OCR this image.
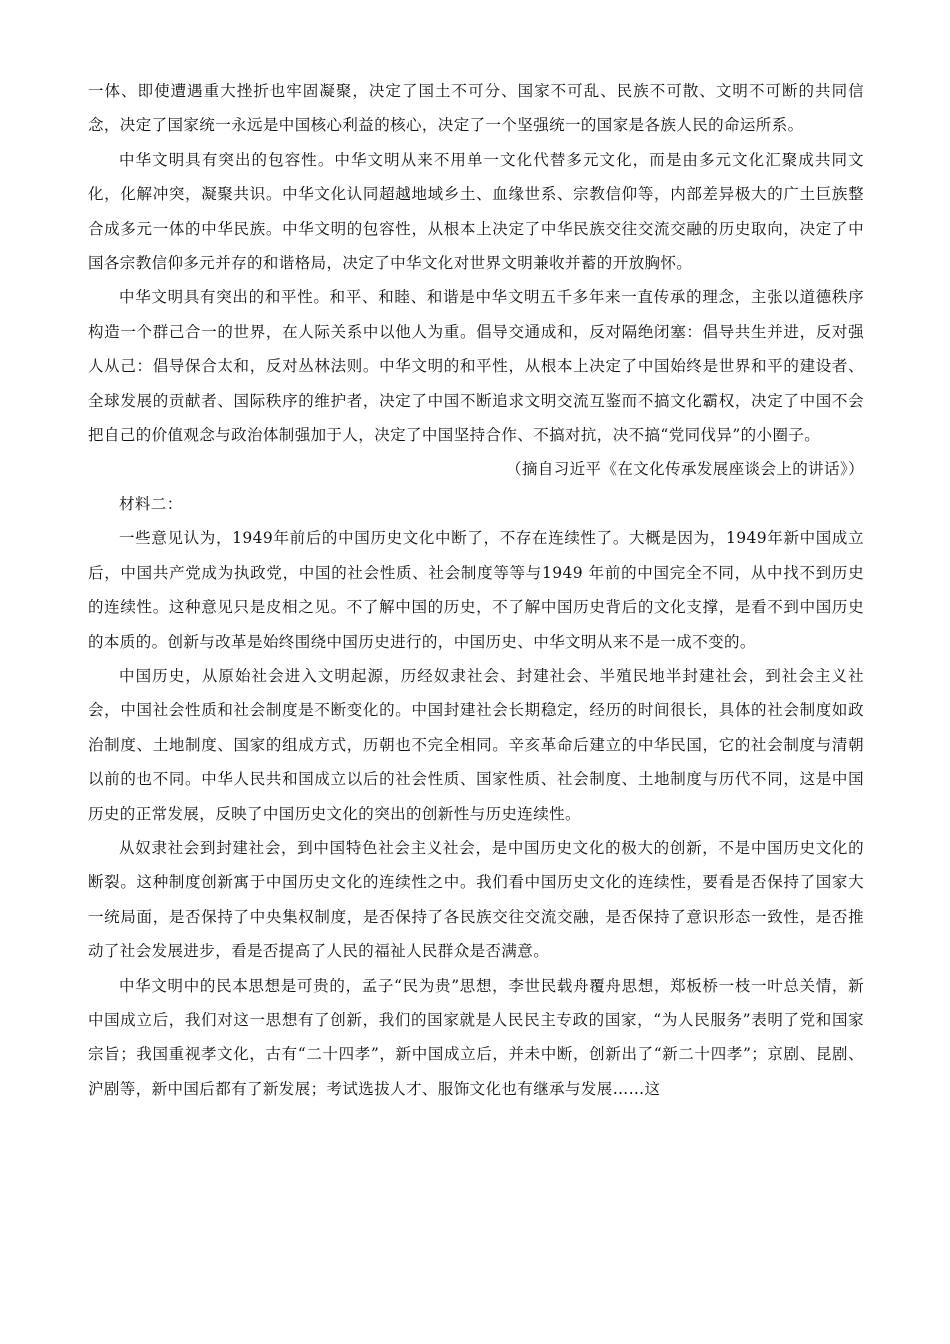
一体、即使遭遇重大挫折也牢固凝聚，决定了国土不可分、国家不可乱、民族不可散、文明不可断的共同信念，决定了国家统一永远是中国核心利益的核心，决定了一个坚强统一的国家是各族人民的命运所系。

中华文明具有突出的包容性。中华文明从来不用单一文化代替多元文化，而是由多元文化汇聚成共同文化，化解冲突，凝聚共识。中华文化认同超越地域乡土、血缘世系、宗教信仰等，内部差异极大的广土巨族整合成多元一体的中华民族。中华文明的包容性，从根本上决定了中华民族交往交流交融的历史取向，决定了中国各宗教信仰多元并存的和谐格局，决定了中华文化对世界文明兼收并蓄的开放胸怀。

中华文明具有突出的和平性。和平、和睦、和谐是中华文明五千多年来一直传承的理念，主张以道德秩序构造一个群己合一的世界，在人际关系中以他人为重。倡导交通成和，反对隔绝闭塞：倡导共生并进，反对强人从己：倡导保合太和，反对丛林法则。中华文明的和平性，从根本上决定了中国始终是世界和平的建设者、全球发展的贡献者、国际秩序的维护者，决定了中国不断追求文明交流互鉴而不搞文化霸权，决定了中国不会把自己的价值观念与政治体制强加于人，决定了中国坚持合作、不搞对抗，决不搞“党同伐异”的小圈子。

（摘自习近平《在文化传承发展座谈会上的讲话》）

材料二：

一些意见认为，1949年前后的中国历史文化中断了，不存在连续性了。大概是因为，1949年新中国成立后，中国共产党成为执政党，中国的社会性质、社会制度等等与1949 年前的中国完全不同，从中找不到历史的连续性。这种意见只是皮相之见。不了解中国的历史，不了解中国历史背后的文化支撑，是看不到中国历史的本质的。创新与改革是始终围绕中国历史进行的，中国历史、中华文明从来不是一成不变的。

中国历史，从原始社会进入文明起源，历经奴隶社会、封建社会、半殖民地半封建社会，到社会主义社会，中国社会性质和社会制度是不断变化的。中国封建社会长期稳定，经历的时间很长，具体的社会制度如政治制度、土地制度、国家的组成方式，历朝也不完全相同。辛亥革命后建立的中华民国，它的社会制度与清朝以前的也不同。中华人民共和国成立以后的社会性质、国家性质、社会制度、土地制度与历代不同，这是中国历史的正常发展，反映了中国历史文化的突出的创新性与历史连续性。

从奴隶社会到封建社会，到中国特色社会主义社会，是中国历史文化的极大的创新，不是中国历史文化的断裂。这种制度创新寓于中国历史文化的连续性之中。我们看中国历史文化的连续性，要看是否保持了国家大一统局面，是否保持了中央集权制度，是否保持了各民族交往交流交融，是否保持了意识形态一致性，是否推动了社会发展进步，看是否提高了人民的福祉人民群众是否满意。

中华文明中的民本思想是可贵的，孟子“民为贵”思想，李世民载舟覆舟思想，郑板桥一枝一叶总关情，新中国成立后，我们对这一思想有了创新，我们的国家就是人民民主专政的国家，“为人民服务”表明了党和国家宗旨；我国重视孝文化，古有“二十四孝”，新中国成立后，并未中断，创新出了“新二十四孝”；京剧、昆剧、沪剧等，新中国后都有了新发展；考试选拔人才、服饰文化也有继承与发展……这
